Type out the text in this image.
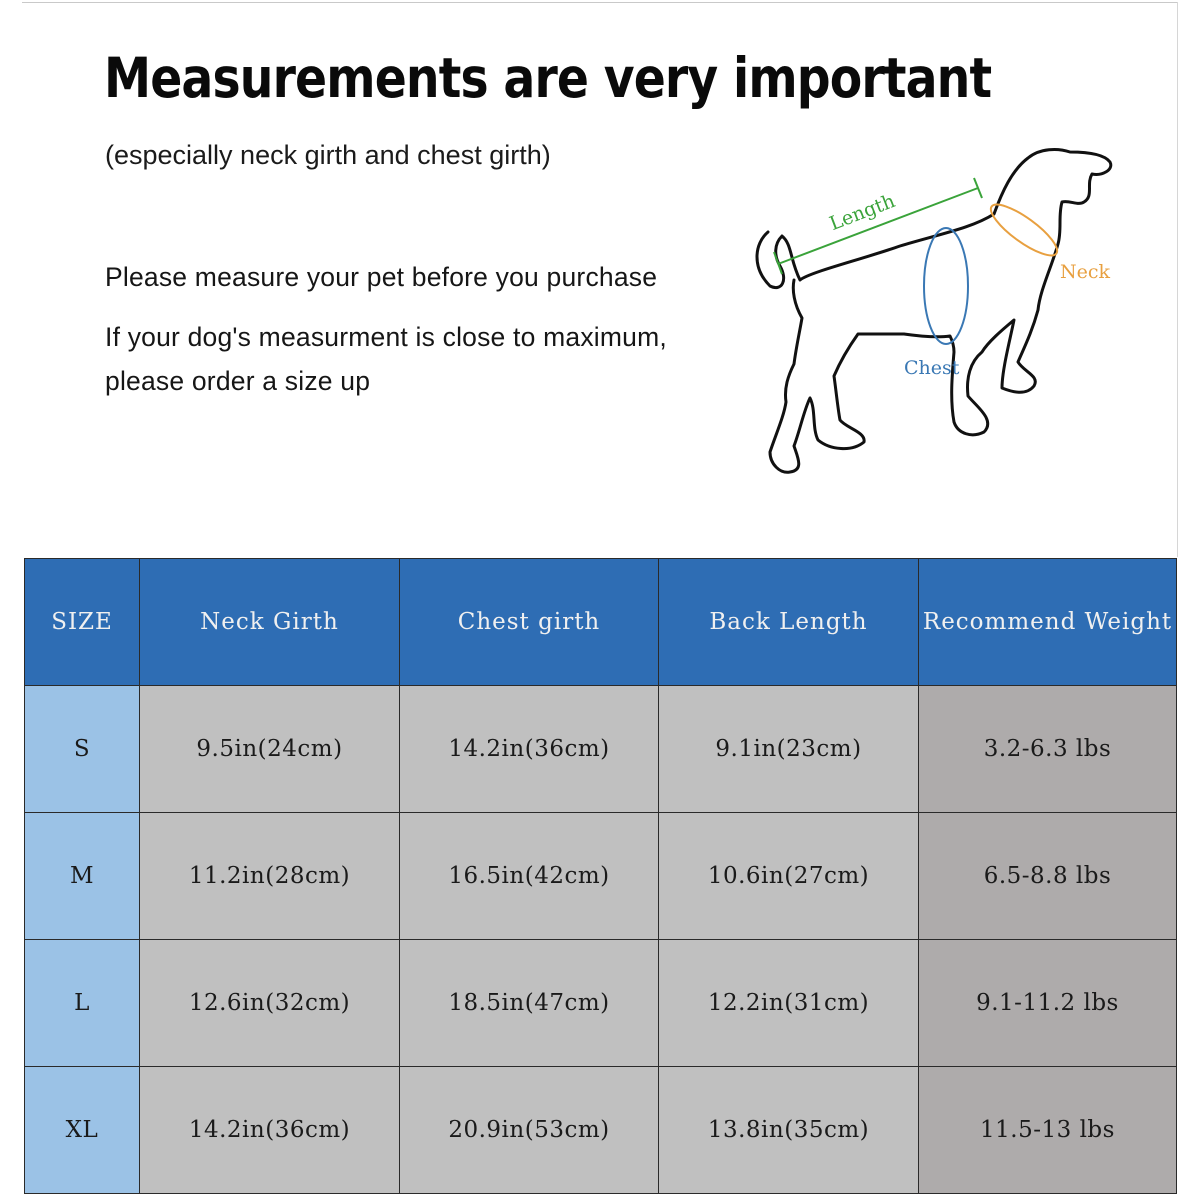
Measurements are very important
(especially neck girth and chest girth)
Please measure your pet before you purchase
If your dog's measurment is close to maximum,
please order a size up
Length
Neck
Chest
SIZE	Neck Girth	Chest girth	Back Length	Recommend Weight
S	9.5in(24cm)	14.2in(36cm)	9.1in(23cm)	3.2-6.3 lbs
M	11.2in(28cm)	16.5in(42cm)	10.6in(27cm)	6.5-8.8 lbs
L	12.6in(32cm)	18.5in(47cm)	12.2in(31cm)	9.1-11.2 lbs
XL	14.2in(36cm)	20.9in(53cm)	13.8in(35cm)	11.5-13 lbs
